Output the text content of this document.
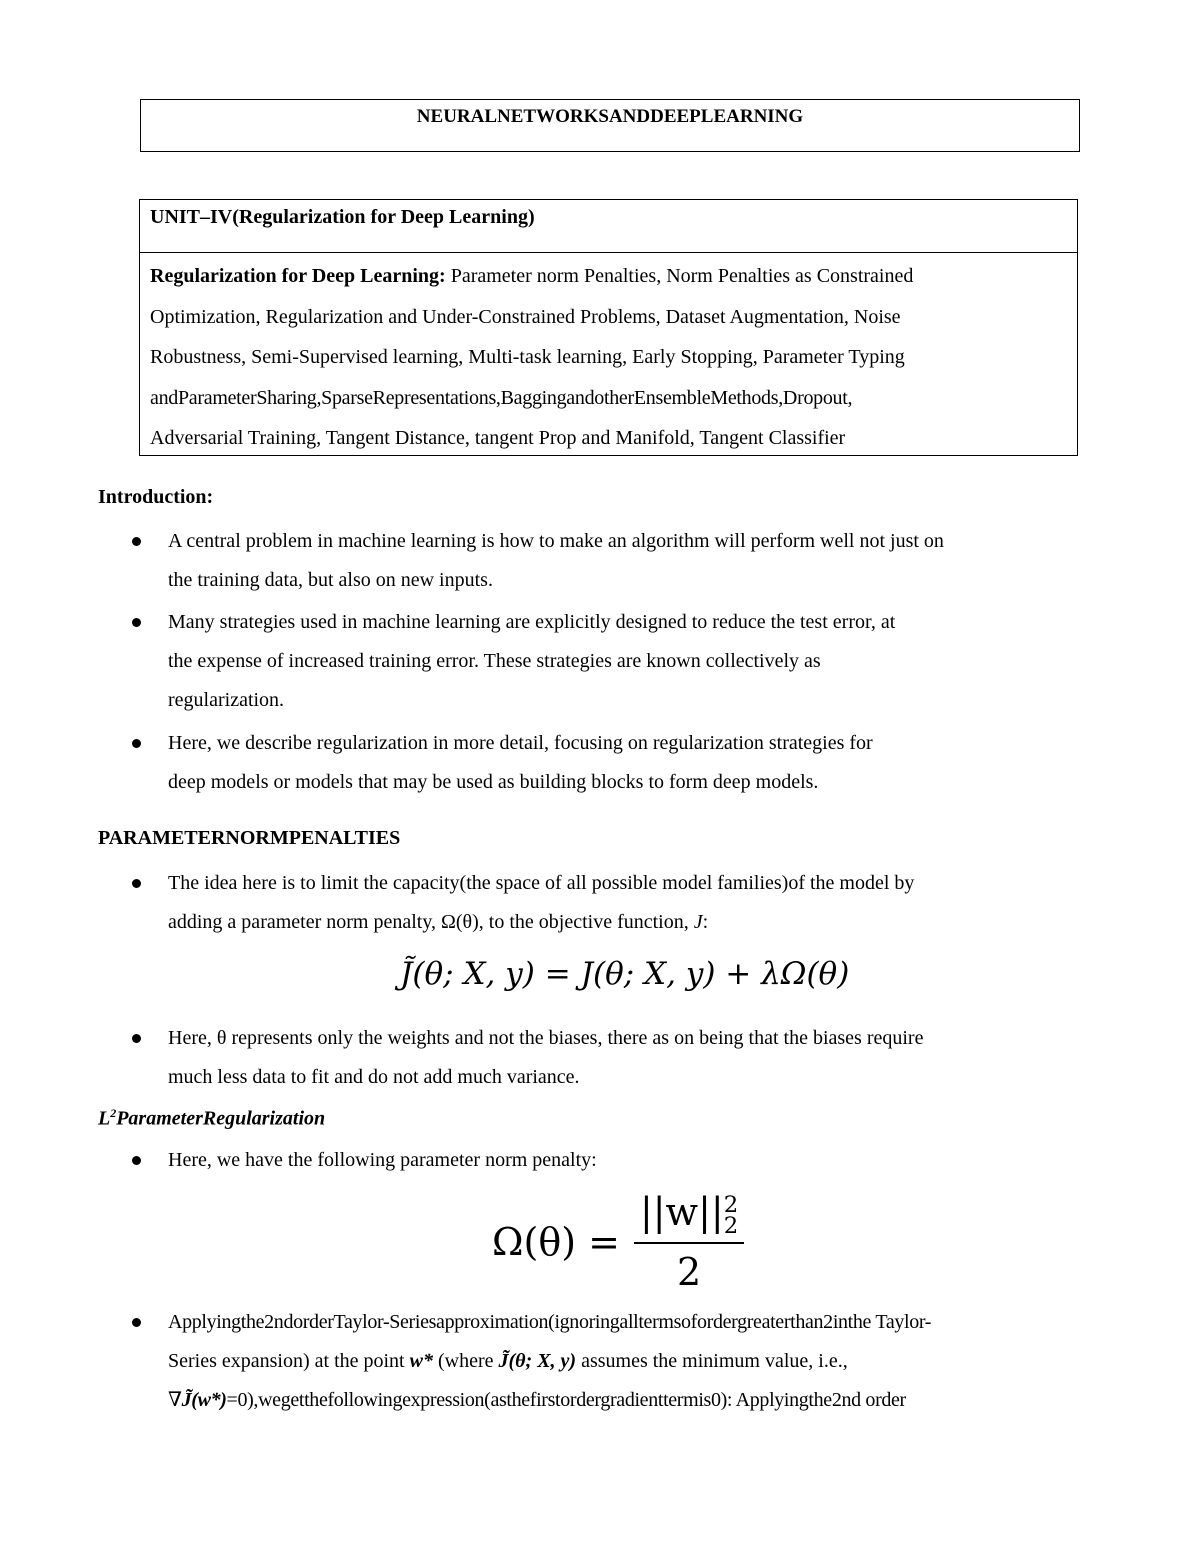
NEURALNETWORKSANDDEEPLEARNING
UNIT–IV(Regularization for Deep Learning)
Regularization for Deep Learning: Parameter norm Penalties, Norm Penalties as Constrained
Optimization, Regularization and Under-Constrained Problems, Dataset Augmentation, Noise
Robustness, Semi-Supervised learning, Multi-task learning, Early Stopping, Parameter Typing
andParameterSharing,SparseRepresentations,BaggingandotherEnsembleMethods,Dropout,
Adversarial Training, Tangent Distance, tangent Prop and Manifold, Tangent Classifier
Introduction:
A central problem in machine learning is how to make an algorithm will perform well not just on
the training data, but also on new inputs.
Many strategies used in machine learning are explicitly designed to reduce the test error, at
the expense of increased training error. These strategies are known collectively as
regularization.
Here, we describe regularization in more detail, focusing on regularization strategies for
deep models or models that may be used as building blocks to form deep models.
PARAMETERNORMPENALTIES
The idea here is to limit the capacity(the space of all possible model families)of the model by
adding a parameter norm penalty, Ω(θ), to the objective function, J:
J̃(θ; X, y) = J(θ; X, y) + λΩ(θ)
Here, θ represents only the weights and not the biases, there as on being that the biases require
much less data to fit and do not add much variance.
$L^2ParameterRegularization$
Here, we have the following parameter norm penalty:
Ω(θ) = ||w|| 2
2
2
Applyingthe2ndorderTaylor-Seriesapproximation(ignoringalltermsofordergreaterthan2inthe Taylor-
Series expansion) at the point w* (where J̃(θ; X, y) assumes the minimum value, i.e.,
∇J̃(w*)=0),wegetthefollowingexpression(asthefirstordergradienttermis0): Applyingthe2nd order
